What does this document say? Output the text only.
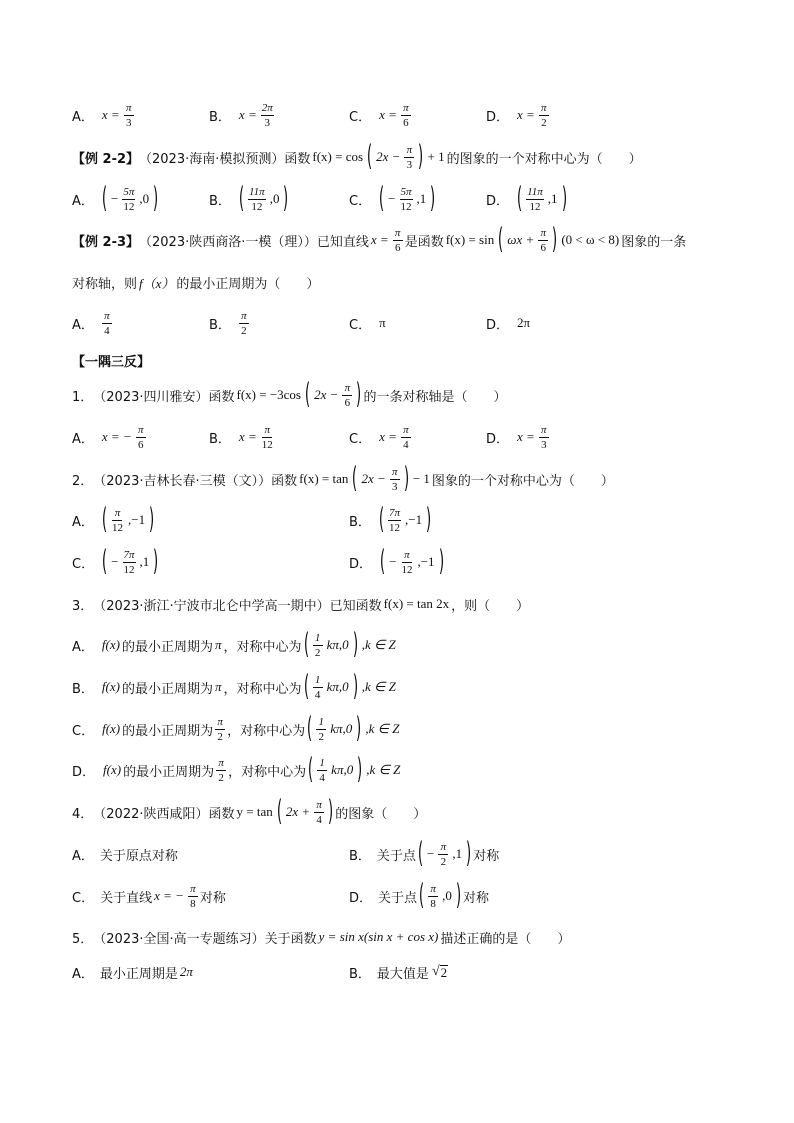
A． $x = \frac{\pi}{3}$	B． $x = \frac{2\pi}{3}$	C． $x = \frac{\pi}{6}$	D． $x = \frac{\pi}{2}$
【例 2-2】 （2023·海南·模拟预测） 函数 f(x) = cos ( $2x - \frac{\pi}{3}$ ) + 1 的图象的一个对称中心为（　　）
A． ( − $\frac{5\pi}{12} ,0$ )	B． ( $\frac{11\pi}{12} ,0$ )	C． ( − $\frac{5\pi}{12} ,1$ )	D． ( $\frac{11\pi}{12} ,1$
)
【例 2-3】 （2023·陕西商洛·一模（理）） 已知直线 $x = \frac{\pi}{6}$ 是函数 f(x) = sin ( $\omega x + \frac{\pi}{6}$ ) (0 < ω < 8) 图象的一条
对称轴，则 f（x） 的最小正周期为（　　）
A． $\frac{\pi}{4}$	B． $\frac{\pi}{2}$	C． π	D． 2π
【一隅三反】
1． （2023·四川雅安） 函数 f(x) = −3cos ( $2x - \frac{\pi}{6}$ ) 的一条对称轴是（　　）
A． x = − $\frac{\pi}{6}$	B． $x = \frac{\pi}{12}$	C． $x = \frac{\pi}{4}$	D． $x = \frac{\pi}{3}$
2． （2023·吉林长春·三模（文）） 函数 f(x) = tan ( $2x - \frac{\pi}{3}$ ) − 1 图象的一个对称中心为（　　）
A． ( $\frac{\pi}{12} ,-1$ )	B． ( $\frac{7\pi}{12} ,-1$
)
C． ( − $\frac{7\pi}{12} ,1$ )	D． ( − $\frac{\pi}{12} ,-1$
)
3． （2023·浙江·宁波市北仑中学高一期中） 已知函数 f(x) = tan 2x ，则（　　）
A． f(x) 的最小正周期为 π ，对称中心为 ( $\frac{1}{2} k\pi,0$ ) ,k ∈ Z
B． f(x) 的最小正周期为 π ，对称中心为 ( $\frac{1}{4} k\pi,0$ ) ,k ∈ Z
C． f(x) 的最小正周期为 $\frac{\pi}{2}$ ，对称中心为 ( $\frac{1}{2} k\pi,0$ ) ,k ∈ Z
D． f(x) 的最小正周期为 $\frac{\pi}{2}$ ，对称中心为 ( $\frac{1}{4} k\pi,0$ ) ,k ∈ Z
4． （2022·陕西咸阳） 函数 y = tan ( $2x + \frac{\pi}{4}$ ) 的图象（　　）
A． 关于原点对称	B． 关于点 ( − $\frac{\pi}{2} ,1$ ) 对称
C． 关于直线 x = − $\frac{\pi}{8}$ 对称	D． 关于点 ( $\frac{\pi}{8} ,0$ ) 对称
5． （2023·全国·高一专题练习） 关于函数 y = sin x(sin x + cos x) 描述正确的是（　　）
A． 最小正周期是 2π	B． 最大值是 √ 2
